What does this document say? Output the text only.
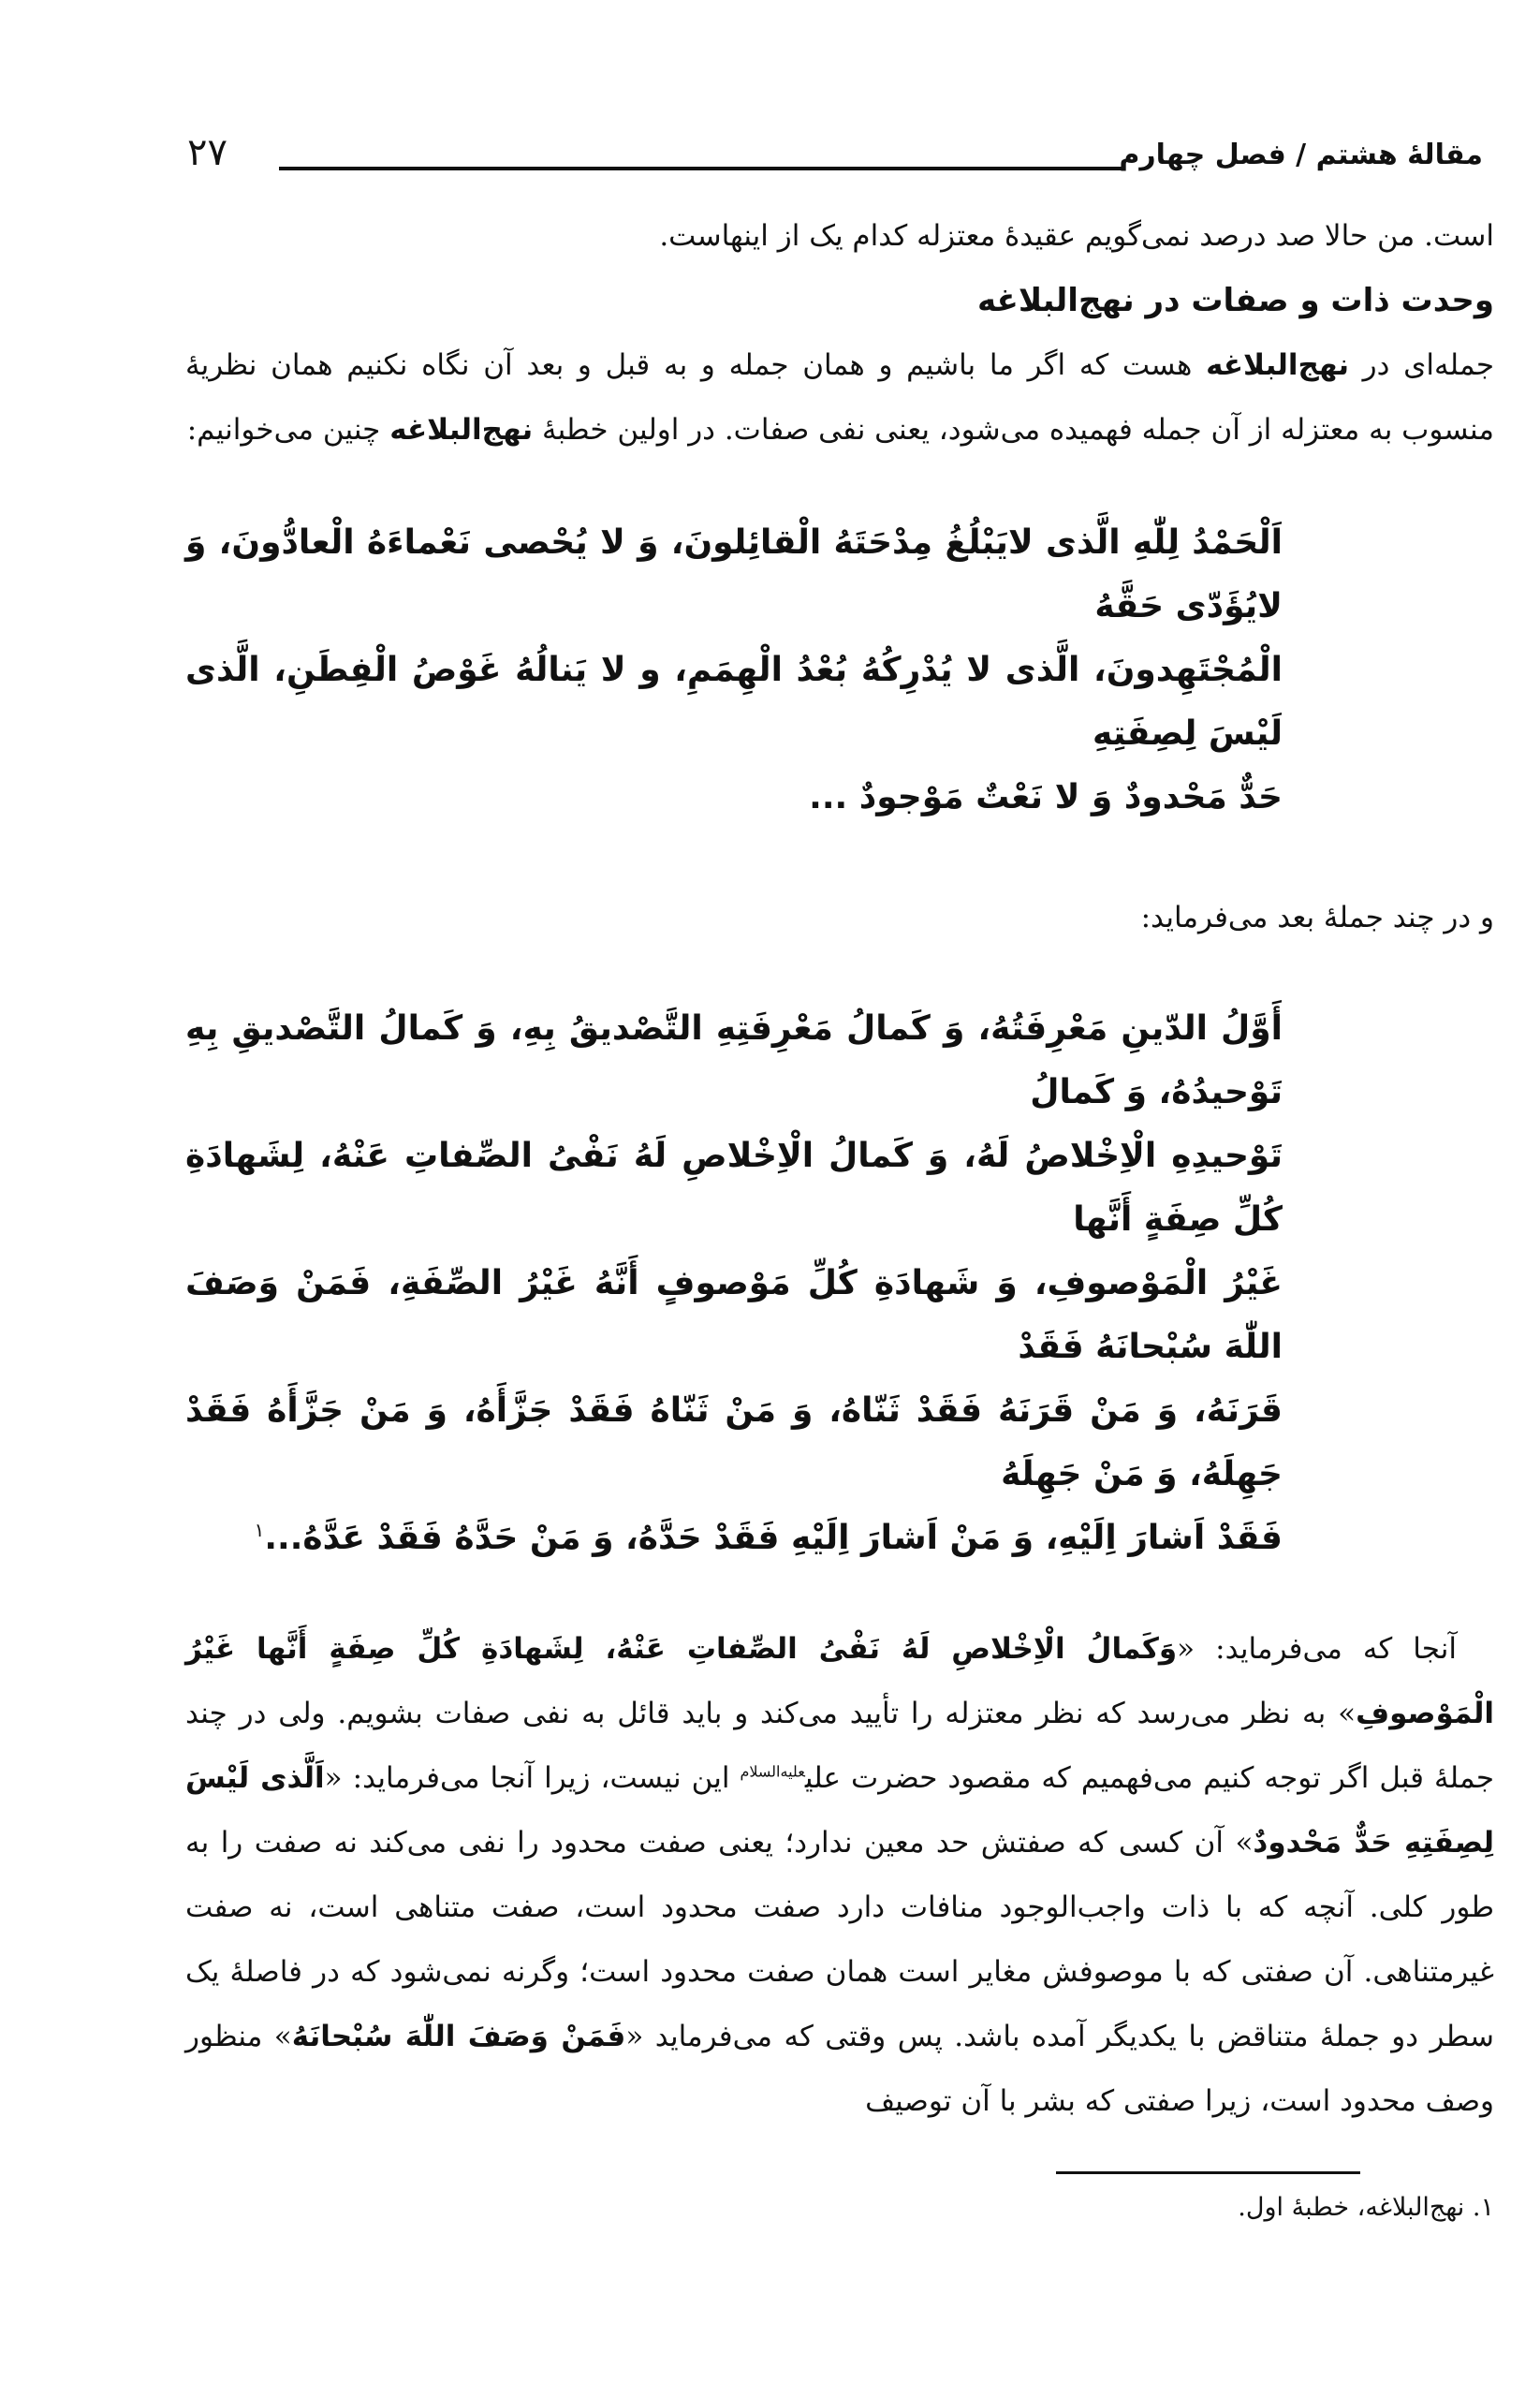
۲۷	مقالهٔ هشتم / فصل چهارم

است. من حالا صد درصد نمی‌گویم عقیدهٔ معتزله کدام یک از اینهاست.

وحدت ذات و صفات در نهج‌البلاغه

جمله‌ای در نهج‌البلاغه هست که اگر ما باشیم و همان جمله و به قبل و بعد آن نگاه نکنیم همان نظریهٔ منسوب به معتزله از آن جمله فهمیده می‌شود، یعنی نفی صفات. در اولین خطبهٔ نهج‌البلاغه چنین می‌خوانیم:

اَلْحَمْدُ لِلّٰهِ الَّذی لایَبْلُغُ مِدْحَتَهُ الْقائِلونَ، وَ لا یُحْصی نَعْماءَهُ الْعادُّونَ، وَ لایُؤَدّی حَقَّهُ

الْمُجْتَهِدونَ، الَّذی لا یُدْرِکُهُ بُعْدُ الْهِمَمِ، و لا یَنالُهُ غَوْصُ الْفِطَنِ، الَّذی لَیْسَ لِصِفَتِهِ

حَدٌّ مَحْدودٌ وَ لا نَعْتٌ مَوْجودٌ ...

و در چند جملهٔ بعد می‌فرماید:

أَوَّلُ الدّینِ مَعْرِفَتُهُ، وَ کَمالُ مَعْرِفَتِهِ التَّصْدیقُ بِهِ، وَ کَمالُ التَّصْدیقِ بِهِ تَوْحیدُهُ، وَ کَمالُ

تَوْحیدِهِ الْاِخْلاصُ لَهُ، وَ کَمالُ الْاِخْلاصِ لَهُ نَفْیُ الصِّفاتِ عَنْهُ، لِشَهادَةِ کُلِّ صِفَةٍ أَنَّها

غَیْرُ الْمَوْصوفِ، وَ شَهادَةِ کُلِّ مَوْصوفٍ أَنَّهُ غَیْرُ الصِّفَةِ، فَمَنْ وَصَفَ اللّٰهَ سُبْحانَهُ فَقَدْ

قَرَنَهُ، وَ مَنْ قَرَنَهُ فَقَدْ ثَنّاهُ، وَ مَنْ ثَنّاهُ فَقَدْ جَزَّأَهُ، وَ مَنْ جَزَّأَهُ فَقَدْ جَهِلَهُ، وَ مَنْ جَهِلَهُ

فَقَدْ اَشارَ اِلَیْهِ، وَ مَنْ اَشارَ اِلَیْهِ فَقَدْ حَدَّهُ، وَ مَنْ حَدَّهُ فَقَدْ عَدَّهُ...$^۱$

آنجا که می‌فرماید: «وَکَمالُ الْاِخْلاصِ لَهُ نَفْیُ الصِّفاتِ عَنْهُ، لِشَهادَةِ کُلِّ صِفَةٍ أَنَّها غَیْرُ الْمَوْصوفِ» به نظر می‌رسد که نظر معتزله را تأیید می‌کند و باید قائل به نفی صفات بشویم. ولی در چند جملهٔ قبل اگر توجه کنیم می‌فهمیم که مقصود حضرت علی$^{علیه‌السلام}$ این نیست، زیرا آنجا می‌فرماید: «اَلَّذی لَیْسَ لِصِفَتِهِ حَدٌّ مَحْدودٌ» آن کسی که صفتش حد معین ندارد؛ یعنی صفت محدود را نفی می‌کند نه صفت را به طور کلی. آنچه که با ذات واجب‌الوجود منافات دارد صفت محدود است، صفت متناهی است، نه صفت غیرمتناهی. آن صفتی که با موصوفش مغایر است همان صفت محدود است؛ وگرنه نمی‌شود که در فاصلهٔ یک سطر دو جملهٔ متناقض با یکدیگر آمده باشد. پس وقتی که می‌فرماید «فَمَنْ وَصَفَ اللّٰهَ سُبْحانَهُ» منظور وصف محدود است، زیرا صفتی که بشر با آن توصیف

۱. نهج‌البلاغه، خطبهٔ اول.
